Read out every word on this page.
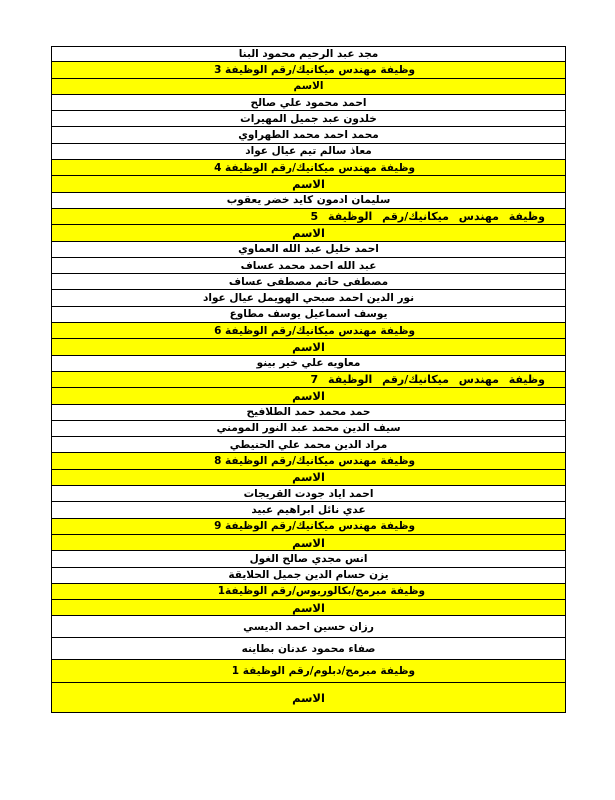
مجد عبد الرحيم محمود البنا
وظيفة مهندس ميكانيك/رقم الوظيفة 3
الاسم
احمد محمود علي صالح
خلدون عبد جميل المهيرات
محمد احمد محمد الطهراوي
معاذ سالم تيم عيال عواد
وظيفة مهندس ميكانيك/رقم الوظيفة 4
الاسم
سليمان ادمون كايد خضر يعقوب
وظيفة مهندس ميكانيك/رقم الوظيفة 5
الاسم
احمد خليل عبد الله العماوي
عبد الله احمد محمد عساف
مصطفى حاتم مصطفى عساف
نور الدين احمد صبحي الهويمل عيال عواد
يوسف اسماعيل يوسف مطاوع
وظيفة مهندس ميكانيك/رقم الوظيفة 6
الاسم
معاويه علي خير بينو
وظيفة مهندس ميكانيك/رقم الوظيفة 7
الاسم
حمد محمد حمد الطلافيح
سيف الدين محمد عبد النور المومني
مراد الدين محمد علي الحنيطي
وظيفة مهندس ميكانيك/رقم الوظيفة 8
الاسم
احمد اياد جودت القريجات
عدي نائل ابراهيم عبيد
وظيفة مهندس ميكانيك/رقم الوظيفة 9
الاسم
انس مجدي صالح الغول
يزن حسام الدين جميل الحلايقة
وظيفة مبرمج/بكالوريوس/رقم الوظيفة1
الاسم
رزان حسين احمد الديسي
صفاء محمود عدنان بطاينه
وظيفة مبرمج/دبلوم/رقم الوظيفة 1
الاسم
